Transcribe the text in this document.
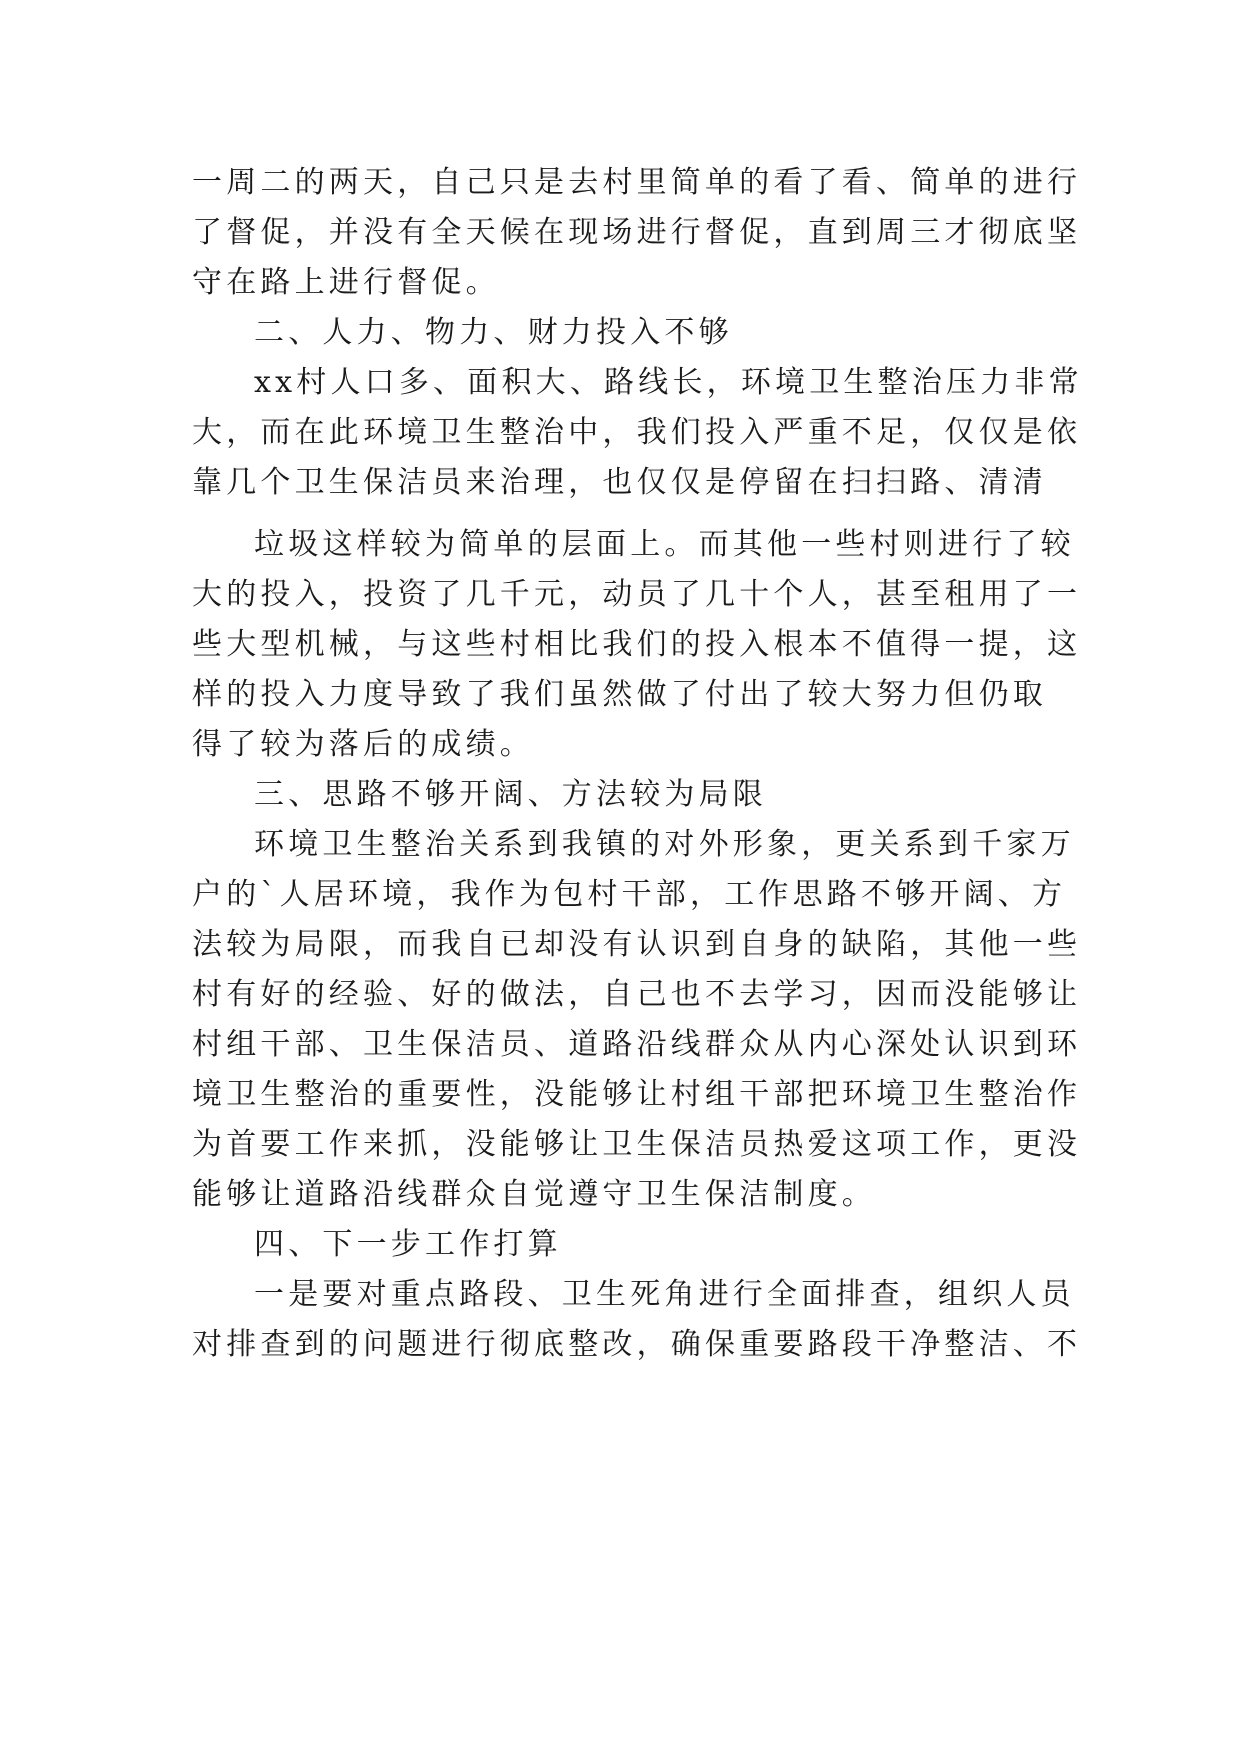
一周二的两天，自己只是去村里简单的看了看、简单的进行
了督促，并没有全天候在现场进行督促，直到周三才彻底坚
守在路上进行督促。
二、人力、物力、财力投入不够
xx村人口多、面积大、路线长，环境卫生整治压力非常
大，而在此环境卫生整治中，我们投入严重不足，仅仅是依
靠几个卫生保洁员来治理，也仅仅是停留在扫扫路、清清
垃圾这样较为简单的层面上。而其他一些村则进行了较
大的投入，投资了几千元，动员了几十个人，甚至租用了一
些大型机械，与这些村相比我们的投入根本不值得一提，这
样的投入力度导致了我们虽然做了付出了较大努力但仍取
得了较为落后的成绩。
三、思路不够开阔、方法较为局限
环境卫生整治关系到我镇的对外形象，更关系到千家万
户的`人居环境，我作为包村干部，工作思路不够开阔、方
法较为局限，而我自已却没有认识到自身的缺陷，其他一些
村有好的经验、好的做法，自己也不去学习，因而没能够让
村组干部、卫生保洁员、道路沿线群众从内心深处认识到环
境卫生整治的重要性，没能够让村组干部把环境卫生整治作
为首要工作来抓，没能够让卫生保洁员热爱这项工作，更没
能够让道路沿线群众自觉遵守卫生保洁制度。
四、下一步工作打算
一是要对重点路段、卫生死角进行全面排查，组织人员
对排查到的问题进行彻底整改，确保重要路段干净整洁、不
